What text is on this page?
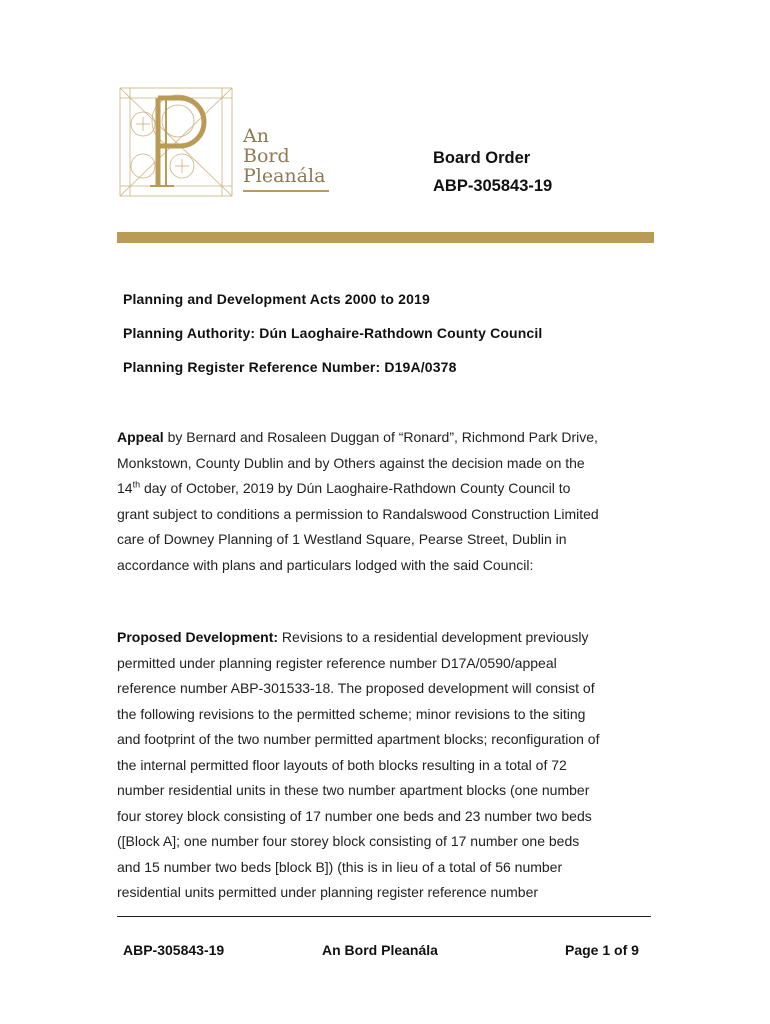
An
Bord
Pleanála
Board Order
ABP-305843-19
Planning and Development Acts 2000 to 2019
Planning Authority: Dún Laoghaire-Rathdown County Council
Planning Register Reference Number: D19A/0378
Appeal by Bernard and Rosaleen Duggan of “Ronard”, Richmond Park Drive,
Monkstown, County Dublin and by Others against the decision made on the
14th day of October, 2019 by Dún Laoghaire-Rathdown County Council to
grant subject to conditions a permission to Randalswood Construction Limited
care of Downey Planning of 1 Westland Square, Pearse Street, Dublin in
accordance with plans and particulars lodged with the said Council:
Proposed Development: Revisions to a residential development previously
permitted under planning register reference number D17A/0590/appeal
reference number ABP-301533-18. The proposed development will consist of
the following revisions to the permitted scheme; minor revisions to the siting
and footprint of the two number permitted apartment blocks; reconfiguration of
the internal permitted floor layouts of both blocks resulting in a total of 72
number residential units in these two number apartment blocks (one number
four storey block consisting of 17 number one beds and 23 number two beds
([Block A]; one number four storey block consisting of 17 number one beds
and 15 number two beds [block B]) (this is in lieu of a total of 56 number
residential units permitted under planning register reference number
ABP-305843-19	An Bord Pleanála	Page 1 of 9
